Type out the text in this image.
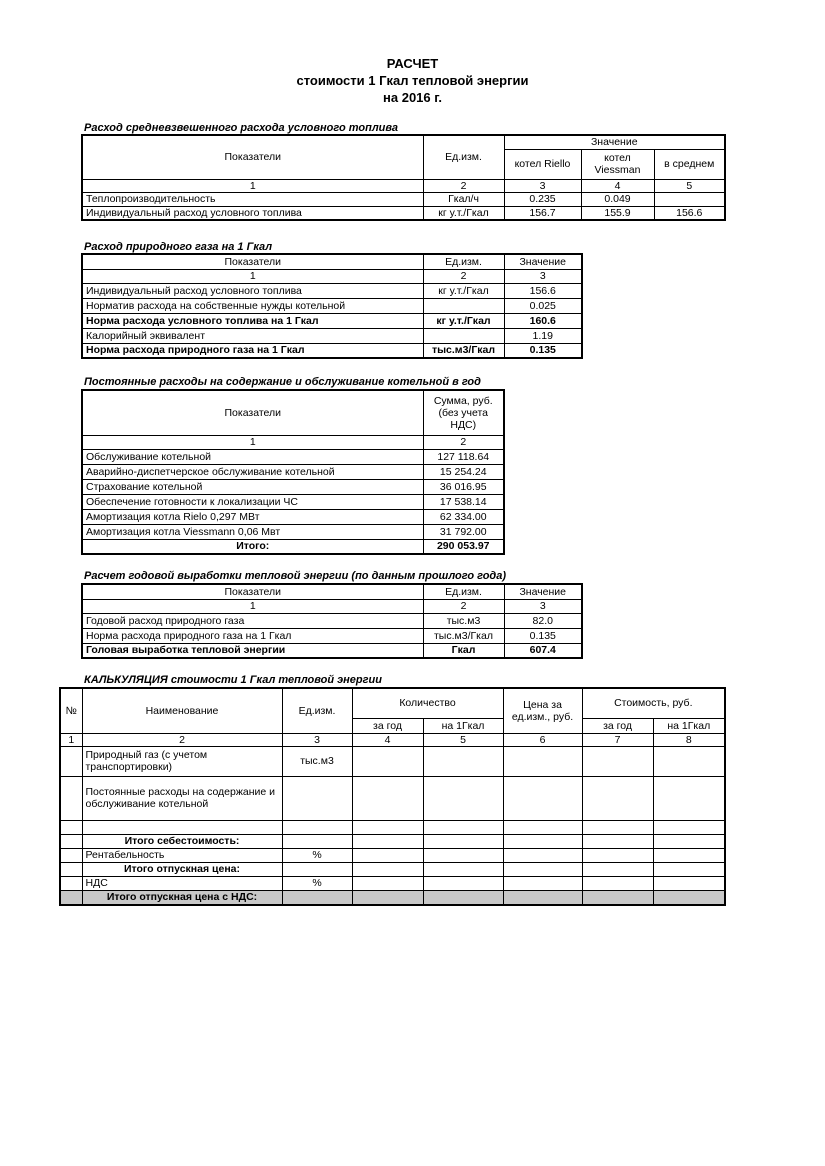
РАСЧЕТ
стоимости 1 Гкал тепловой энергии
на 2016 г.
Расход средневзвешенного расхода условного топлива
Показатели	Ед.изм.	Значение		
		котел Riello	котел Viessman	в среднем
1	2	3	4	5
Теплопроизводительность	Гкал/ч	0.235	0.049	
Индивидуальный расход условного топлива	кг у.т./Гкал	156.7	155.9	156.6
Расход природного газа на 1 Гкал
Показатели	Ед.изм.	Значение
1	2	3
Индивидуальный расход условного топлива	кг у.т./Гкал	156.6
Норматив расхода на собственные нужды котельной		0.025
Норма расхода условного топлива на 1 Гкал	кг у.т./Гкал	160.6
Калорийный эквивалент		1.19
Норма расхода природного газа на 1 Гкал	тыс.м3/Гкал	0.135
Постоянные расходы на содержание и обслуживание котельной в год
Показатели	Сумма, руб. (без учета НДС)
1	2
Обслуживание котельной	127 118.64
Аварийно-диспетчерское обслуживание котельной	15 254.24
Страхование котельной	36 016.95
Обеспечение готовности к локализации ЧС	17 538.14
Амортизация котла Rielo 0,297 МВт	62 334.00
Амортизация котла Viessmann 0,06 Мвт	31 792.00
Итого:	290 053.97
Расчет годовой выработки тепловой энергии (по данным прошлого года)
Показатели	Ед.изм.	Значение
1	2	3
Годовой расход природного газа	тыс.м3	82.0
Норма расхода природного газа на 1 Гкал	тыс.м3/Гкал	0.135
Головая выработка тепловой энергии	Гкал	607.4
КАЛЬКУЛЯЦИЯ стоимости 1 Гкал тепловой энергии
№	Наименование	Ед.изм.	Количество		Цена за ед.изм., руб.	Стоимость, руб.	
			за год	на 1Гкал		за год	на 1Гкал
1	2	3	4	5	6	7	8
	Природный газ (с учетом транспортировки)	тыс.м3					
	Постоянные расходы на содержание и обслуживание котельной						

	Итого себестоимость:						
	Рентабельность	%					
	Итого отпускная цена:						
	НДС	%					
	Итого отпускная цена с НДС:						
